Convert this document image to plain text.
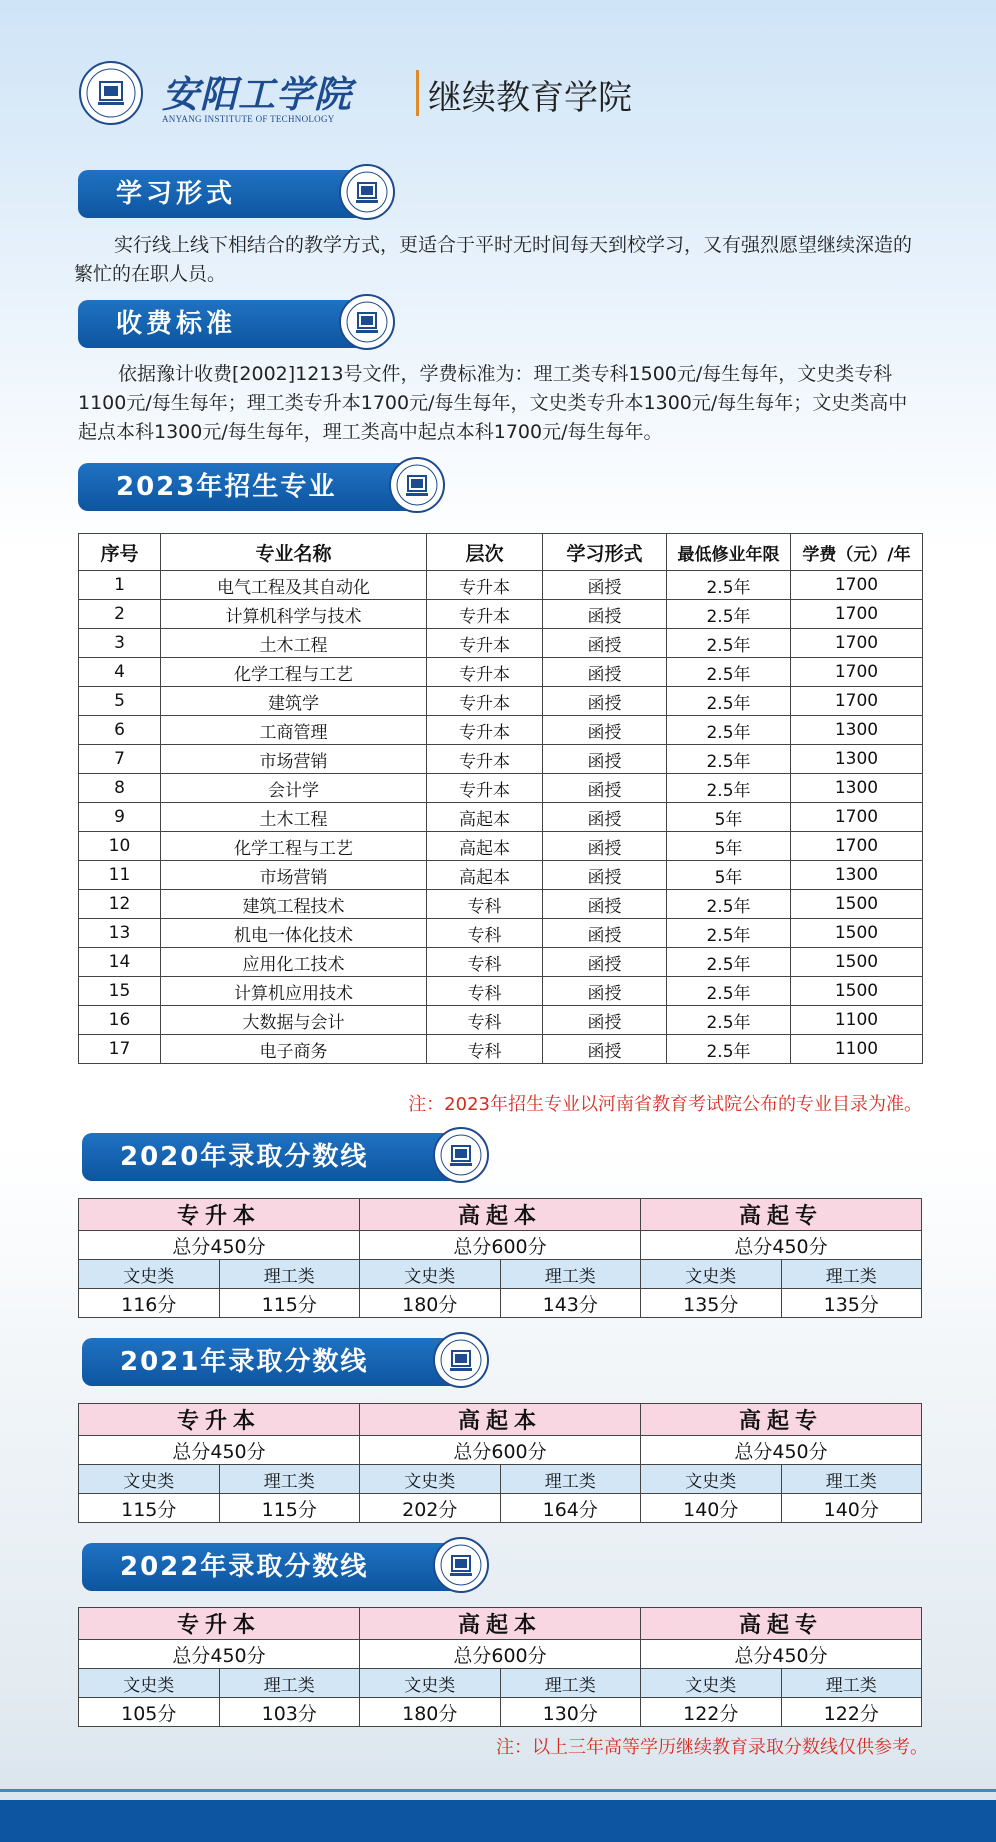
安阳工学院
ANYANG INSTITUTE OF TECHNOLOGY
继续教育学院
学习形式
实行线上线下相结合的教学方式，更适合于平时无时间每天到校学习，又有强烈愿望继续深造的繁忙的在职人员。
收费标准
依据豫计收费[2002]1213号文件，学费标准为：理工类专科1500元/每生每年，文史类专科1100元/每生每年；理工类专升本1700元/每生每年，文史类专升本1300元/每生每年；文史类高中起点本科1300元/每生每年，理工类高中起点本科1700元/每生每年。
2023年招生专业
序号	专业名称	层次	学习形式	最低修业年限	学费（元）/年
1	电气工程及其自动化	专升本	函授	2.5年	1700
2	计算机科学与技术	专升本	函授	2.5年	1700
3	土木工程	专升本	函授	2.5年	1700
4	化学工程与工艺	专升本	函授	2.5年	1700
5	建筑学	专升本	函授	2.5年	1700
6	工商管理	专升本	函授	2.5年	1300
7	市场营销	专升本	函授	2.5年	1300
8	会计学	专升本	函授	2.5年	1300
9	土木工程	高起本	函授	5年	1700
10	化学工程与工艺	高起本	函授	5年	1700
11	市场营销	高起本	函授	5年	1300
12	建筑工程技术	专科	函授	2.5年	1500
13	机电一体化技术	专科	函授	2.5年	1500
14	应用化工技术	专科	函授	2.5年	1500
15	计算机应用技术	专科	函授	2.5年	1500
16	大数据与会计	专科	函授	2.5年	1100
17	电子商务	专科	函授	2.5年	1100
注：2023年招生专业以河南省教育考试院公布的专业目录为准。
2020年录取分数线
专升本		高起本		高起专	
总分450分		总分600分		总分450分	
文史类	理工类	文史类	理工类	文史类	理工类
116分	115分	180分	143分	135分	135分
2021年录取分数线
专升本		高起本		高起专	
总分450分		总分600分		总分450分	
文史类	理工类	文史类	理工类	文史类	理工类
115分	115分	202分	164分	140分	140分
2022年录取分数线
专升本		高起本		高起专	
总分450分		总分600分		总分450分	
文史类	理工类	文史类	理工类	文史类	理工类
105分	103分	180分	130分	122分	122分
注：以上三年高等学历继续教育录取分数线仅供参考。
